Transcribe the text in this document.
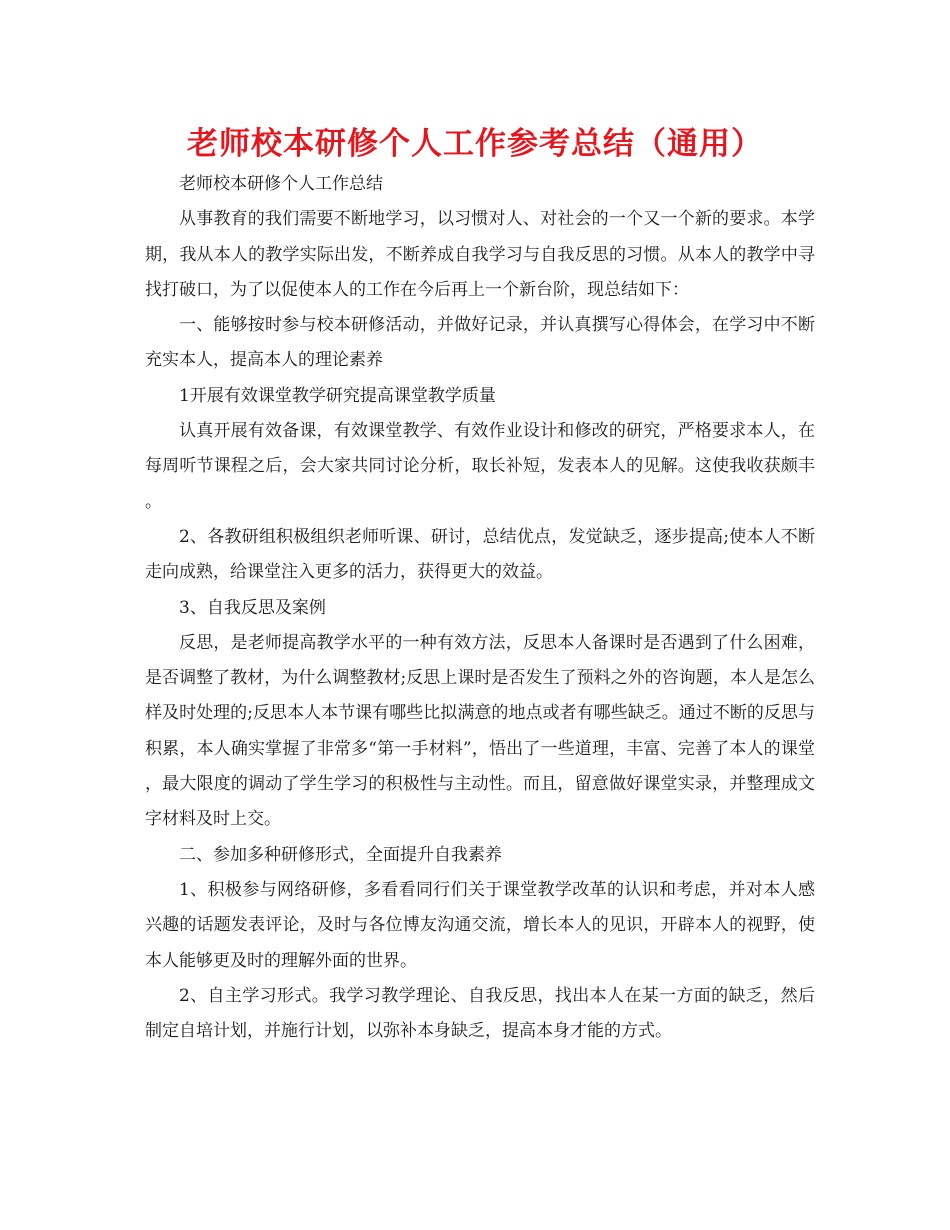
老师校本研修个人工作参考总结（通用）

老师校本研修个人工作总结

从事教育的我们需要不断地学习，以习惯对人、对社会的一个又一个新的要求。本学期，我从本人的教学实际出发，不断养成自我学习与自我反思的习惯。从本人的教学中寻找打破口，为了以促使本人的工作在今后再上一个新台阶，现总结如下：

一、能够按时参与校本研修活动，并做好记录，并认真撰写心得体会，在学习中不断充实本人，提高本人的理论素养

1开展有效课堂教学研究提高课堂教学质量

认真开展有效备课，有效课堂教学、有效作业设计和修改的研究，严格要求本人，在每周听节课程之后，会大家共同讨论分析，取长补短，发表本人的见解。这使我收获颇丰。

2、各教研组积极组织老师听课、研讨，总结优点，发觉缺乏，逐步提高;使本人不断走向成熟，给课堂注入更多的活力，获得更大的效益。

3、自我反思及案例

反思，是老师提高教学水平的一种有效方法，反思本人备课时是否遇到了什么困难，是否调整了教材，为什么调整教材;反思上课时是否发生了预料之外的咨询题，本人是怎么样及时处理的;反思本人本节课有哪些比拟满意的地点或者有哪些缺乏。通过不断的反思与积累，本人确实掌握了非常多“第一手材料”，悟出了一些道理，丰富、完善了本人的课堂，最大限度的调动了学生学习的积极性与主动性。而且，留意做好课堂实录，并整理成文字材料及时上交。

二、参加多种研修形式，全面提升自我素养

1、积极参与网络研修，多看看同行们关于课堂教学改革的认识和考虑，并对本人感兴趣的话题发表评论，及时与各位博友沟通交流，增长本人的见识，开辟本人的视野，使本人能够更及时的理解外面的世界。

2、自主学习形式。我学习教学理论、自我反思，找出本人在某一方面的缺乏，然后制定自培计划，并施行计划，以弥补本身缺乏，提高本身才能的方式。
